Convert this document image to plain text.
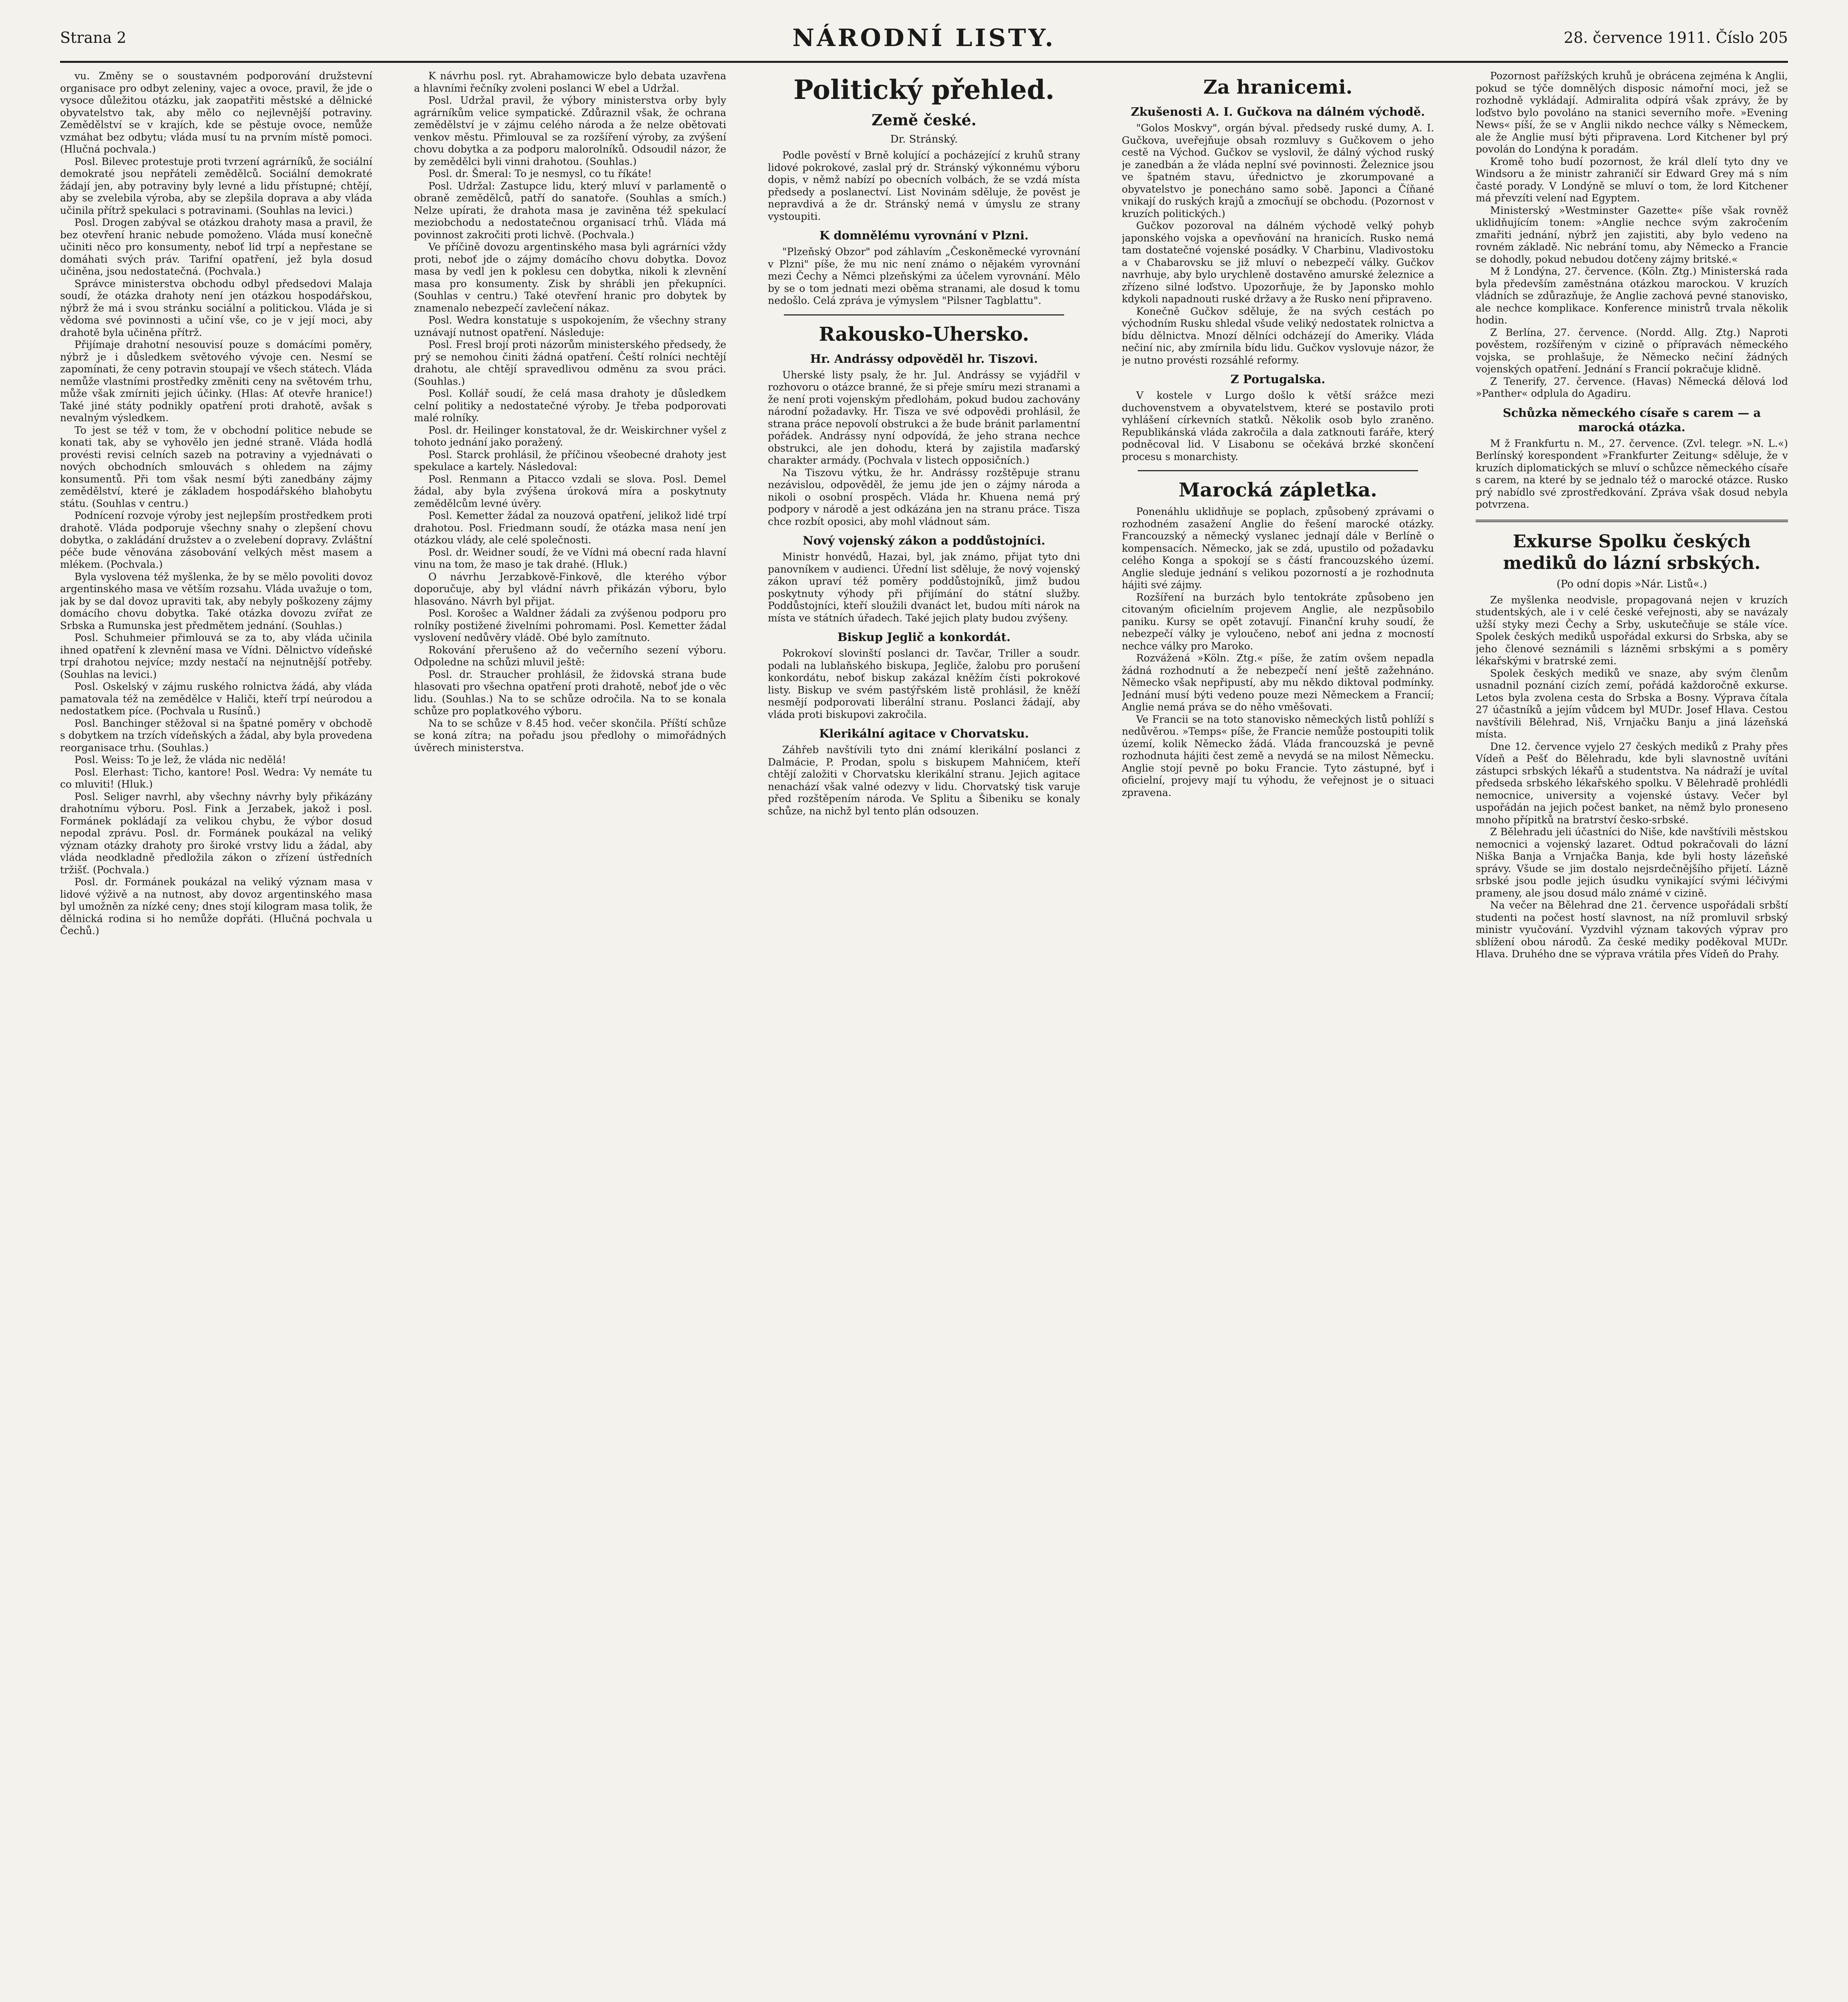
Strana 2	NÁRODNÍ LISTY.	28. července 1911. Číslo 205

vu. Změny se o soustavném podporování družstevní organisace pro odbyt zeleniny, vajec a ovoce, pravil, že jde o vysoce důležitou otázku, jak zaopatřiti městské a dělnické obyvatelstvo tak, aby mělo co nejlevnější potraviny. Zemědělství se v krajích, kde se pěstuje ovoce, nemůže vzmáhat bez odbytu; vláda musí tu na prvním místě pomoci. (Hlučná pochvala.)

Posl. Bilevec protestuje proti tvrzení agrárníků, že sociální demokraté jsou nepřáteli zemědělců. Sociální demokraté žádají jen, aby potraviny byly levné a lidu přístupné; chtějí, aby se zvelebila výroba, aby se zlepšila doprava a aby vláda učinila přítrž spekulaci s potravinami. (Souhlas na levici.)

Posl. Drogen zabýval se otázkou drahoty masa a pravil, že bez otevření hranic nebude pomoženo. Vláda musí konečně učiniti něco pro konsumenty, neboť lid trpí a nepřestane se domáhati svých práv. Tarifní opatření, jež byla dosud učiněna, jsou nedostatečná. (Pochvala.)

Správce ministerstva obchodu odbyl předsedovi Malaja soudí, že otázka drahoty není jen otázkou hospodářskou, nýbrž že má i svou stránku sociální a politickou. Vláda je si vědoma své povinnosti a učiní vše, co je v její moci, aby drahotě byla učiněna přítrž.

Přijímaje drahotní nesouvisí pouze s domácími poměry, nýbrž je i důsledkem světového vývoje cen. Nesmí se zapomínati, že ceny potravin stoupají ve všech státech. Vláda nemůže vlastními prostředky změniti ceny na světovém trhu, může však zmírniti jejich účinky. (Hlas: Ať otevře hranice!) Také jiné státy podnikly opatření proti drahotě, avšak s nevalným výsledkem.

To jest se též v tom, že v obchodní politice nebude se konati tak, aby se vyhovělo jen jedné straně. Vláda hodlá provésti revisi celních sazeb na potraviny a vyjednávati o nových obchodních smlouvách s ohledem na zájmy konsumentů. Při tom však nesmí býti zanedbány zájmy zemědělství, které je základem hospodářského blahobytu státu. (Souhlas v centru.)

Podnícení rozvoje výroby jest nejlepším prostředkem proti drahotě. Vláda podporuje všechny snahy o zlepšení chovu dobytka, o zakládání družstev a o zvelebení dopravy. Zvláštní péče bude věnována zásobování velkých měst masem a mlékem. (Pochvala.)

Byla vyslovena též myšlenka, že by se mělo povoliti dovoz argentinského masa ve větším rozsahu. Vláda uvažuje o tom, jak by se dal dovoz upraviti tak, aby nebyly poškozeny zájmy domácího chovu dobytka. Také otázka dovozu zvířat ze Srbska a Rumunska jest předmětem jednání. (Souhlas.)

Posl. Schuhmeier přimlouvá se za to, aby vláda učinila ihned opatření k zlevnění masa ve Vídni. Dělnictvo vídeňské trpí drahotou nejvíce; mzdy nestačí na nejnutnější potřeby. (Souhlas na levici.)

Posl. Oskelský v zájmu ruského rolnictva žádá, aby vláda pamatovala též na zemědělce v Haliči, kteří trpí neúrodou a nedostatkem píce. (Pochvala u Rusínů.)

Posl. Banchinger stěžoval si na špatné poměry v obchodě s dobytkem na trzích vídeňských a žádal, aby byla provedena reorganisace trhu. (Souhlas.)

Posl. Weiss: To je lež, že vláda nic nedělá!

Posl. Elerhast: Ticho, kantore! Posl. Wedra: Vy nemáte tu co mluviti! (Hluk.)

Posl. Seliger navrhl, aby všechny návrhy byly přikázány drahotnímu výboru. Posl. Fink a Jerzabek, jakož i posl. Formánek pokládají za velikou chybu, že výbor dosud nepodal zprávu. Posl. dr. Formánek poukázal na veliký význam otázky drahoty pro široké vrstvy lidu a žádal, aby vláda neodkladně předložila zákon o zřízení ústředních tržišť. (Pochvala.)

Posl. dr. Formánek poukázal na veliký význam masa v lidové výživě a na nutnost, aby dovoz argentinského masa byl umožněn za nízké ceny; dnes stojí kilogram masa tolik, že dělnická rodina si ho nemůže dopřáti. (Hlučná pochvala u Čechů.)

K návrhu posl. ryt. Abrahamowicze bylo debata uzavřena a hlavními řečníky zvoleni poslanci W ebel a Udržal.

Posl. Udržal pravil, že výbory ministerstva orby byly agrárníkům velice sympatické. Zdůraznil však, že ochrana zemědělství je v zájmu celého národa a že nelze obětovati venkov městu. Přimlouval se za rozšíření výroby, za zvýšení chovu dobytka a za podporu malorolníků. Odsoudil názor, že by zemědělci byli vinni drahotou. (Souhlas.)

Posl. dr. Šmeral: To je nesmysl, co tu říkáte!

Posl. Udržal: Zastupce lidu, který mluví v parlamentě o obraně zemědělců, patří do sanatoře. (Souhlas a smích.) Nelze upírati, že drahota masa je zaviněna též spekulací meziobchodu a nedostatečnou organisací trhů. Vláda má povinnost zakročiti proti lichvě. (Pochvala.)

Ve příčině dovozu argentinského masa byli agrárníci vždy proti, neboť jde o zájmy domácího chovu dobytka. Dovoz masa by vedl jen k poklesu cen dobytka, nikoli k zlevnění masa pro konsumenty. Zisk by shrábli jen překupníci. (Souhlas v centru.) Také otevření hranic pro dobytek by znamenalo nebezpečí zavlečení nákaz.

Posl. Wedra konstatuje s uspokojením, že všechny strany uznávají nutnost opatření. Následuje:

Posl. Fresl brojí proti názorům ministerského předsedy, že prý se nemohou činiti žádná opatření. Čeští rolníci nechtějí drahotu, ale chtějí spravedlivou odměnu za svou práci. (Souhlas.)

Posl. Kollář soudí, že celá masa drahoty je důsledkem celní politiky a nedostatečné výroby. Je třeba podporovati malé rolníky.

Posl. dr. Heilinger konstatoval, že dr. Weiskirchner vyšel z tohoto jednání jako poražený.

Posl. Starck prohlásil, že příčinou všeobecné drahoty jest spekulace a kartely. Následoval:

Posl. Renmann a Pitacco vzdali se slova. Posl. Demel žádal, aby byla zvýšena úroková míra a poskytnuty zemědělcům levné úvěry.

Posl. Kemetter žádal za nouzová opatření, jelikož lidé trpí drahotou. Posl. Friedmann soudí, že otázka masa není jen otázkou vlády, ale celé společnosti.

Posl. dr. Weidner soudí, že ve Vídni má obecní rada hlavní vinu na tom, že maso je tak drahé. (Hluk.)

O návrhu Jerzabkově-Finkově, dle kterého výbor doporučuje, aby byl vládní návrh přikázán výboru, bylo hlasováno. Návrh byl přijat.

Posl. Korošec a Waldner žádali za zvýšenou podporu pro rolníky postižené živelními pohromami. Posl. Kemetter žádal vyslovení nedůvěry vládě. Obé bylo zamítnuto.

Rokování přerušeno až do večerního sezení výboru. Odpoledne na schůzi mluvil ještě:

Posl. dr. Straucher prohlásil, že židovská strana bude hlasovati pro všechna opatření proti drahotě, neboť jde o věc lidu. (Souhlas.) Na to se schůze odročila. Na to se konala schůze pro poplatkového výboru.

Na to se schůze v 8.45 hod. večer skončila. Příští schůze se koná zítra; na pořadu jsou předlohy o mimořádných úvěrech ministerstva.

Politický přehled.
Země české.
Dr. Stránský.

Podle pověstí v Brně kolující a pocházející z kruhů strany lidové pokrokové, zaslal prý dr. Stránský výkonnému výboru dopis, v němž nabízí po obecních volbách, že se vzdá místa předsedy a poslanectví. List Novinám sděluje, že pověst je nepravdivá a že dr. Stránský nemá v úmyslu ze strany vystoupiti.

K domnělému vyrovnání v Plzni.

"Plzeňský Obzor" pod záhlavím „Českoněmecké vyrovnání v Plzni" píše, že mu nic není známo o nějakém vyrovnání mezi Čechy a Němci plzeňskými za účelem vyrovnání. Mělo by se o tom jednati mezi oběma stranami, ale dosud k tomu nedošlo. Celá zpráva je výmyslem "Pilsner Tagblattu".

Rakousko-Uhersko.
Hr. Andrássy odpověděl hr. Tiszovi.

Uherské listy psaly, že hr. Jul. Andrássy se vyjádřil v rozhovoru o otázce branné, že si přeje smíru mezi stranami a že není proti vojenským předlohám, pokud budou zachovány národní požadavky. Hr. Tisza ve své odpovědi prohlásil, že strana práce nepovolí obstrukci a že bude bránit parlamentní pořádek. Andrássy nyní odpovídá, že jeho strana nechce obstrukci, ale jen dohodu, která by zajistila maďarský charakter armády. (Pochvala v listech opposičních.)

Na Tiszovu výtku, že hr. Andrássy rozštěpuje stranu nezávislou, odpověděl, že jemu jde jen o zájmy národa a nikoli o osobní prospěch. Vláda hr. Khuena nemá prý podpory v národě a jest odkázána jen na stranu práce. Tisza chce rozbít oposici, aby mohl vládnout sám.

Nový vojenský zákon a poddůstojníci.

Ministr honvédů, Hazai, byl, jak známo, přijat tyto dni panovníkem v audienci. Úřední list sděluje, že nový vojenský zákon upraví též poměry poddůstojníků, jimž budou poskytnuty výhody při přijímání do státní služby. Poddůstojníci, kteří sloužili dvanáct let, budou míti nárok na místa ve státních úřadech. Také jejich platy budou zvýšeny.

Biskup Jeglič a konkordát.

Pokrokoví slovinští poslanci dr. Tavčar, Triller a soudr. podali na lublaňského biskupa, Jegliče, žalobu pro porušení konkordátu, neboť biskup zakázal kněžím čísti pokrokové listy. Biskup ve svém pastýřském listě prohlásil, že kněží nesmějí podporovati liberální stranu. Poslanci žádají, aby vláda proti biskupovi zakročila.

Klerikální agitace v Chorvatsku.

Záhřeb navštívili tyto dni známí klerikální poslanci z Dalmácie, P. Prodan, spolu s biskupem Mahnićem, kteří chtějí založiti v Chorvatsku klerikální stranu. Jejich agitace nenachází však valné odezvy v lidu. Chorvatský tisk varuje před rozštěpením národa. Ve Splitu a Šibeniku se konaly schůze, na nichž byl tento plán odsouzen.

Za hranicemi.
Zkušenosti A. I. Gučkova na dálném východě.

"Golos Moskvy", orgán býval. předsedy ruské dumy, A. I. Gučkova, uveřejňuje obsah rozmluvy s Gučkovem o jeho cestě na Východ. Gučkov se vyslovil, že dálný východ ruský je zanedbán a že vláda neplní své povinnosti. Železnice jsou ve špatném stavu, úřednictvo je zkorumpované a obyvatelstvo je ponecháno samo sobě. Japonci a Číňané vnikají do ruských krajů a zmocňují se obchodu. (Pozornost v kruzích politických.)

Gučkov pozoroval na dálném východě velký pohyb japonského vojska a opevňování na hranicích. Rusko nemá tam dostatečné vojenské posádky. V Charbinu, Vladivostoku a v Chabarovsku se již mluví o nebezpečí války. Gučkov navrhuje, aby bylo urychleně dostavěno amurské železnice a zřízeno silné loďstvo. Upozorňuje, že by Japonsko mohlo kdykoli napadnouti ruské državy a že Rusko není připraveno.

Konečně Gučkov sděluje, že na svých cestách po východním Rusku shledal všude veliký nedostatek rolnictva a bídu dělnictva. Mnozí dělníci odcházejí do Ameriky. Vláda nečiní nic, aby zmírnila bídu lidu. Gučkov vyslovuje názor, že je nutno provésti rozsáhlé reformy.

Z Portugalska.

V kostele v Lurgo došlo k větší srážce mezi duchovenstvem a obyvatelstvem, které se postavilo proti vyhlášení církevních statků. Několik osob bylo zraněno. Republikánská vláda zakročila a dala zatknouti faráře, který podněcoval lid. V Lisabonu se očekává brzké skončení procesu s monarchisty.

Marocká zápletka.

Ponenáhlu uklidňuje se poplach, způsobený zprávami o rozhodném zasažení Anglie do řešení marocké otázky. Francouzský a německý vyslanec jednají dále v Berlíně o kompensacích. Německo, jak se zdá, upustilo od požadavku celého Konga a spokojí se s částí francouzského území. Anglie sleduje jednání s velikou pozorností a je rozhodnuta hájiti své zájmy.

Rozšíření na burzách bylo tentokráte způsobeno jen citovaným oficielním projevem Anglie, ale nezpůsobilo paniku. Kursy se opět zotavují. Finanční kruhy soudí, že nebezpečí války je vyloučeno, neboť ani jedna z mocností nechce války pro Maroko.

Rozvážená »Köln. Ztg.« píše, že zatím ovšem nepadla žádná rozhodnutí a že nebezpečí není ještě zažehnáno. Německo však nepřipustí, aby mu někdo diktoval podmínky. Jednání musí býti vedeno pouze mezi Německem a Francií; Anglie nemá práva se do něho vměšovati.

Ve Francii se na toto stanovisko německých listů pohlíží s nedůvěrou. »Temps« píše, že Francie nemůže postoupiti tolik území, kolik Německo žádá. Vláda francouzská je pevně rozhodnuta hájiti čest země a nevydá se na milost Německu. Anglie stojí pevně po boku Francie. Tyto zástupné, byť i oficielní, projevy mají tu výhodu, že veřejnost je o situaci zpravena.

Pozornost pařížských kruhů je obrácena zejména k Anglii, pokud se týče domnělých disposic námořní moci, jež se rozhodně vykládají. Admiralita odpírá však zprávy, že by loďstvo bylo povoláno na stanici severního moře. »Evening News« píší, že se v Anglii nikdo nechce války s Německem, ale že Anglie musí býti připravena. Lord Kitchener byl prý povolán do Londýna k poradám.

Kromě toho budí pozornost, že král dlelí tyto dny ve Windsoru a že ministr zahraničí sir Edward Grey má s ním časté porady. V Londýně se mluví o tom, že lord Kitchener má převzíti velení nad Egyptem.

Ministerský »Westminster Gazette« píše však rovněž uklidňujícím tonem: »Anglie nechce svým zakročením zmařiti jednání, nýbrž jen zajistiti, aby bylo vedeno na rovném základě. Nic nebrání tomu, aby Německo a Francie se dohodly, pokud nebudou dotčeny zájmy britské.«

M ž Londýna, 27. července. (Köln. Ztg.) Ministerská rada byla především zaměstnána otázkou marockou. V kruzích vládních se zdůrazňuje, že Anglie zachová pevné stanovisko, ale nechce komplikace. Konference ministrů trvala několik hodin.

Z Berlína, 27. července. (Nordd. Allg. Ztg.) Naproti pověstem, rozšířeným v cizině o přípravách německého vojska, se prohlašuje, že Německo nečiní žádných vojenských opatření. Jednání s Francií pokračuje klidně.

Z Tenerify, 27. července. (Havas) Německá dělová loď »Panther« odplula do Agadiru.

Schůzka německého císaře s carem — a marocká otázka.

M ž Frankfurtu n. M., 27. července. (Zvl. telegr. »N. L.«) Berlínský korespondent »Frankfurter Zeitung« sděluje, že v kruzích diplomatických se mluví o schůzce německého císaře s carem, na které by se jednalo též o marocké otázce. Rusko prý nabídlo své zprostředkování. Zpráva však dosud nebyla potvrzena.

Exkurse Spolku českých mediků do lázní srbských.
(Po odní dopis »Nár. Listů«.)

Ze myšlenka neodvisle, propagovaná nejen v kruzích studentských, ale i v celé české veřejnosti, aby se navázaly užší styky mezi Čechy a Srby, uskutečňuje se stále více. Spolek českých mediků uspořádal exkursi do Srbska, aby se jeho členové seznámili s lázněmi srbskými a s poměry lékařskými v bratrské zemi.

Spolek českých mediků ve snaze, aby svým členům usnadnil poznání cizích zemí, pořádá každoročně exkurse. Letos byla zvolena cesta do Srbska a Bosny. Výprava čítala 27 účastníků a jejím vůdcem byl MUDr. Josef Hlava. Cestou navštívili Bělehrad, Niš, Vrnjačku Banju a jiná lázeňská místa.

Dne 12. července vyjelo 27 českých mediků z Prahy přes Vídeň a Pešť do Bělehradu, kde byli slavnostně uvítáni zástupci srbských lékařů a studentstva. Na nádraží je uvítal předseda srbského lékařského spolku. V Bělehradě prohlédli nemocnice, university a vojenské ústavy. Večer byl uspořádán na jejich počest banket, na němž bylo proneseno mnoho přípitků na bratrství česko-srbské.

Z Bělehradu jeli účastníci do Niše, kde navštívili městskou nemocnici a vojenský lazaret. Odtud pokračovali do lázní Niška Banja a Vrnjačka Banja, kde byli hosty lázeňské správy. Všude se jim dostalo nejsrdečnějšího přijetí. Lázně srbské jsou podle jejich úsudku vynikající svými léčivými prameny, ale jsou dosud málo známé v cizině.

Na večer na Bělehrad dne 21. července uspořádali srbští studenti na počest hostí slavnost, na níž promluvil srbský ministr vyučování. Vyzdvihl význam takových výprav pro sblížení obou národů. Za české mediky poděkoval MUDr. Hlava. Druhého dne se výprava vrátila přes Vídeň do Prahy.
